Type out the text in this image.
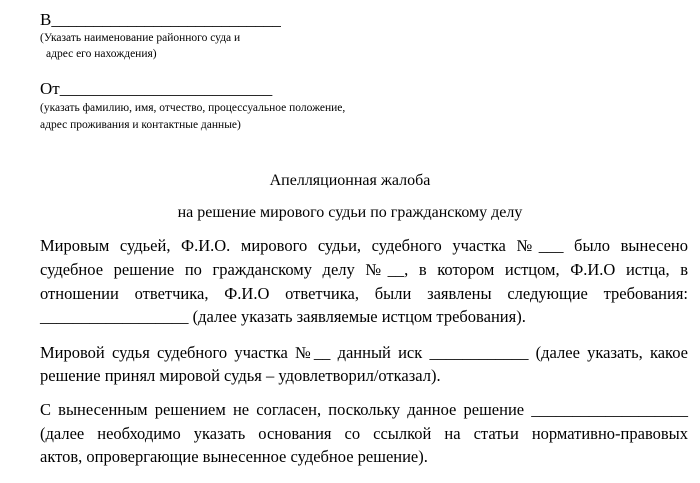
В___________________________
(Указать наименование районного суда и
адрес его нахождения)
От_________________________
(указать фамилию, имя, отчество, процессуальное положение,
адрес проживания и контактные данные)
Апелляционная жалоба
на решение мирового судьи по гражданскому делу
Мировым судьей, Ф.И.О. мирового судьи, судебного участка №___ было вынесено
судебное решение по гражданскому делу №__, в котором истцом, Ф.И.О истца, в
отношении ответчика, Ф.И.О ответчика, были заявлены следующие требования:
__________________ (далее указать заявляемые истцом требования).
Мировой судья судебного участка №__ данный иск ____________ (далее указать, какое
решение принял мировой судья – удовлетворил/отказал).
С вынесенным решением не согласен, поскольку данное решение ___________________
(далее необходимо указать основания со ссылкой на статьи нормативно-правовых
актов, опровергающие вынесенное судебное решение).
